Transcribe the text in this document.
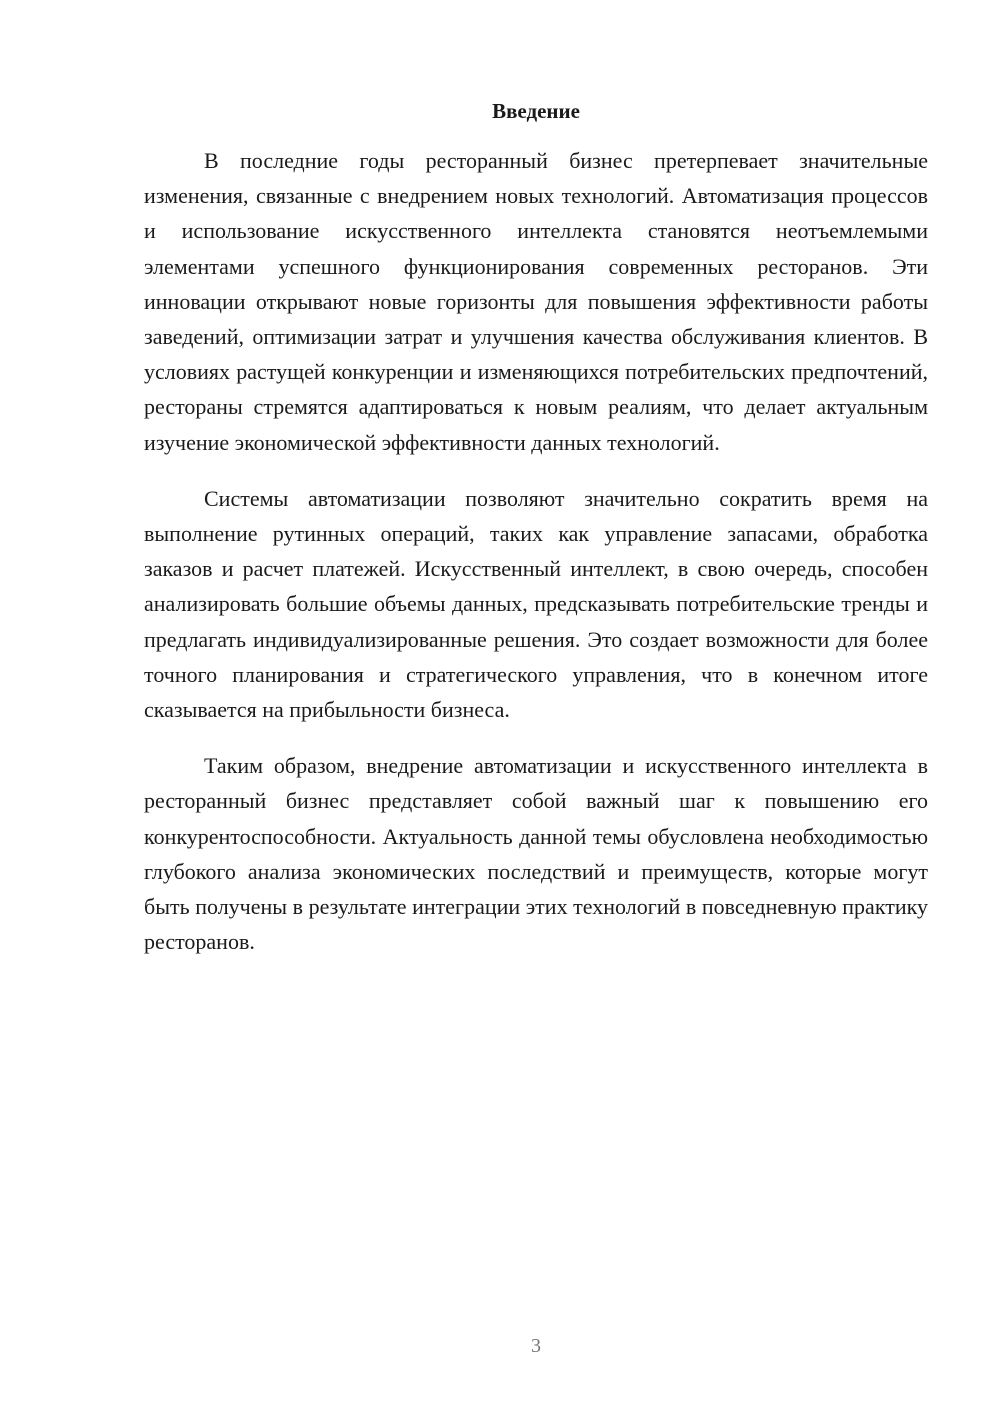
Введение

В последние годы ресторанный бизнес претерпевает значительные изменения, связанные с внедрением новых технологий. Автоматизация процессов и использование искусственного интеллекта становятся неотъемлемыми элементами успешного функционирования современных ресторанов. Эти инновации открывают новые горизонты для повышения эффективности работы заведений, оптимизации затрат и улучшения качества обслуживания клиентов. В условиях растущей конкуренции и изменяющихся потребительских предпочтений, рестораны стремятся адаптироваться к новым реалиям, что делает актуальным изучение экономической эффективности данных технологий.

Системы автоматизации позволяют значительно сократить время на выполнение рутинных операций, таких как управление запасами, обработка заказов и расчет платежей. Искусственный интеллект, в свою очередь, способен анализировать большие объемы данных, предсказывать потребительские тренды и предлагать индивидуализированные решения. Это создает возможности для более точного планирования и стратегического управления, что в конечном итоге сказывается на прибыльности бизнеса.

Таким образом, внедрение автоматизации и искусственного интеллекта в ресторанный бизнес представляет собой важный шаг к повышению его конкурентоспособности. Актуальность данной темы обусловлена необходимостью глубокого анализа экономических последствий и преимуществ, которые могут быть получены в результате интеграции этих технологий в повседневную практику ресторанов.

3
